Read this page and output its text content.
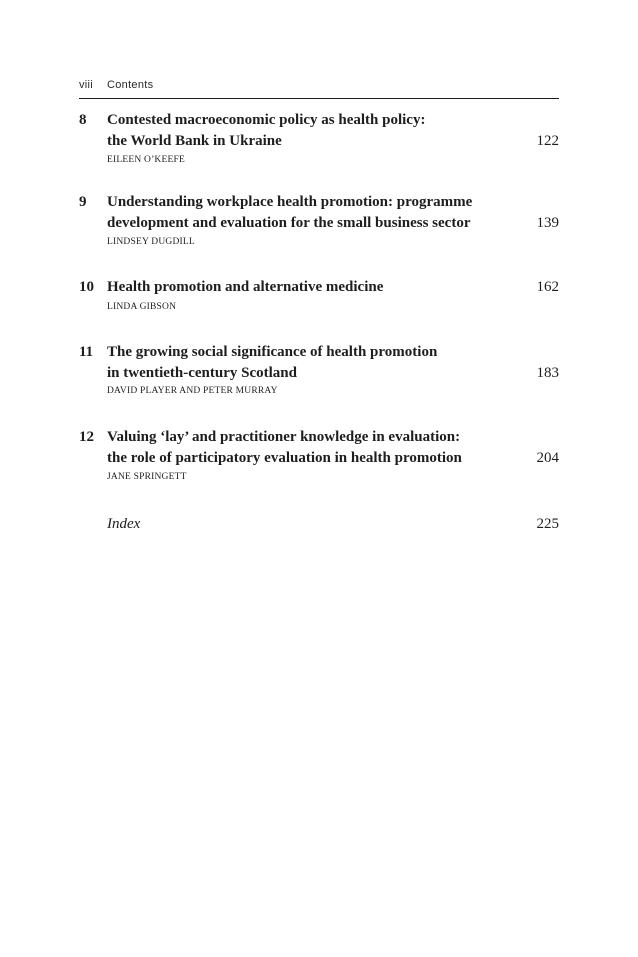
viii Contents
8 Contested macroeconomic policy as health policy:
the World Bank in Ukraine	122
EILEEN O’KEEFE
9 Understanding workplace health promotion: programme
development and evaluation for the small business sector	139
LINDSEY DUGDILL
10 Health promotion and alternative medicine	162
LINDA GIBSON
11 The growing social significance of health promotion
in twentieth-century Scotland	183
DAVID PLAYER AND PETER MURRAY
12 Valuing ‘lay’ and practitioner knowledge in evaluation:
the role of participatory evaluation in health promotion	204
JANE SPRINGETT
Index	225
